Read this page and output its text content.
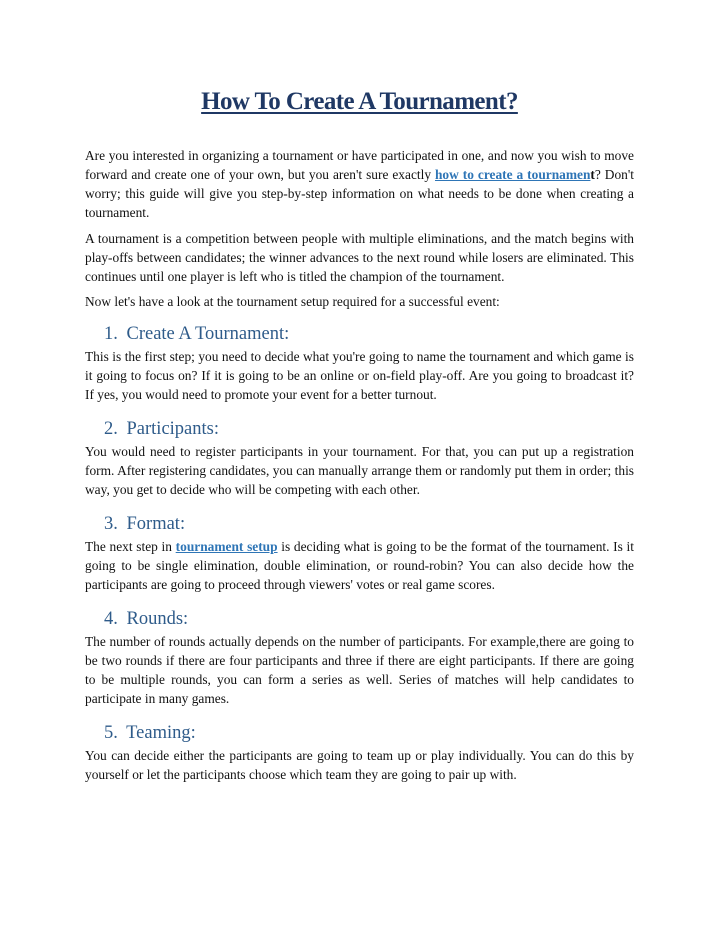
How To Create A Tournament?

Are you interested in organizing a tournament or have participated in one, and now you wish to move forward and create one of your own, but you aren't sure exactly how to create a tournament? Don't worry; this guide will give you step-by-step information on what needs to be done when creating a tournament.

A tournament is a competition between people with multiple eliminations, and the match begins with play-offs between candidates; the winner advances to the next round while losers are eliminated. This continues until one player is left who is titled the champion of the tournament.

Now let's have a look at the tournament setup required for a successful event:

1. Create A Tournament:

This is the first step; you need to decide what you're going to name the tournament and which game is it going to focus on? If it is going to be an online or on-field play-off. Are you going to broadcast it? If yes, you would need to promote your event for a better turnout.

2. Participants:

You would need to register participants in your tournament. For that, you can put up a registration form. After registering candidates, you can manually arrange them or randomly put them in order; this way, you get to decide who will be competing with each other.

3. Format:

The next step in tournament setup is deciding what is going to be the format of the tournament. Is it going to be single elimination, double elimination, or round-robin? You can also decide how the participants are going to proceed through viewers' votes or real game scores.

4. Rounds:

The number of rounds actually depends on the number of participants. For example,there are going to be two rounds if there are four participants and three if there are eight participants. If there are going to be multiple rounds, you can form a series as well. Series of matches will help candidates to participate in many games.

5. Teaming:

You can decide either the participants are going to team up or play individually. You can do this by yourself or let the participants choose which team they are going to pair up with.
